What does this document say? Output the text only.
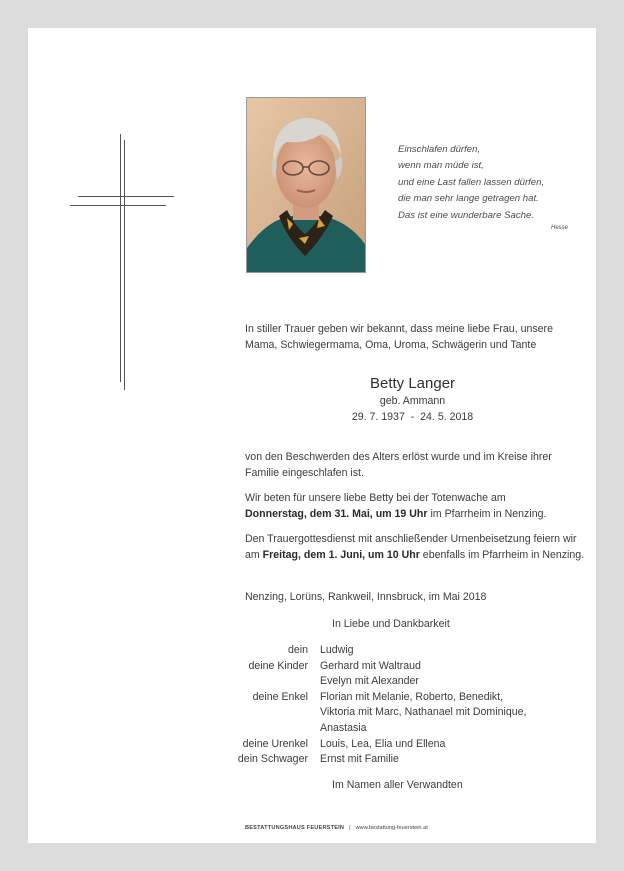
Einschlafen dürfen,
wenn man müde ist,
und eine Last fallen lassen dürfen,
die man sehr lange getragen hat.
Das ist eine wunderbare Sache.
Hesse
In stiller Trauer geben wir bekannt, dass meine liebe Frau, unsere Mama, Schwiegermama, Oma, Uroma, Schwägerin und Tante
Betty Langer
geb. Ammann
29. 7. 1937  -  24. 5. 2018
von den Beschwerden des Alters erlöst wurde und im Kreise ihrer Familie eingeschlafen ist.
Wir beten für unsere liebe Betty bei der Totenwache am
Donnerstag, dem 31. Mai, um 19 Uhr im Pfarrheim in Nenzing.
Den Trauergottesdienst mit anschließender Urnenbeisetzung feiern wir am Freitag, dem 1. Juni, um 10 Uhr ebenfalls im Pfarrheim in Nenzing.
Nenzing, Lorüns, Rankweil, Innsbruck, im Mai 2018
In Liebe und Dankbarkeit
dein	Ludwig
deine Kinder	Gerhard mit Waltraud
Evelyn mit Alexander
deine Enkel	Florian mit Melanie, Roberto, Benedikt,
Viktoria mit Marc, Nathanael mit Dominique,
Anastasia
deine Urenkel	Louis, Lea, Elia und Ellena
dein Schwager	Ernst mit Familie
Im Namen aller Verwandten
BESTATTUNGSHAUS FEUERSTEIN | www.bestattung-feuerstein.at
